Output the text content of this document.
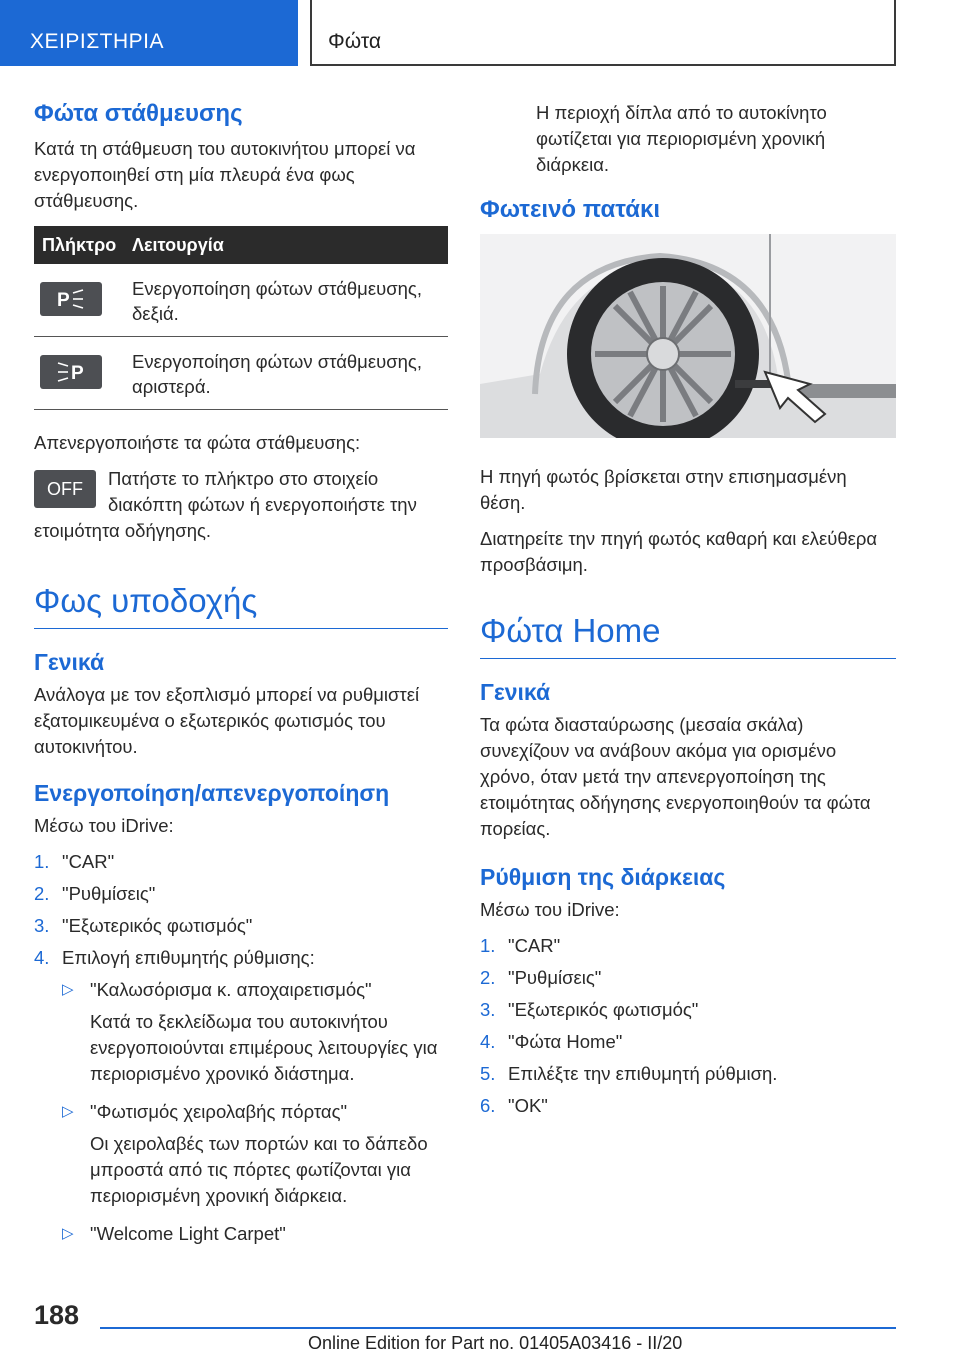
ΧΕΙΡΙΣΤΗΡΙΑ	Φώτα
Φώτα στάθμευσης

Κατά τη στάθμευση του αυτοκινήτου μπορεί να ενεργοποιηθεί στη μία πλευρά ένα φως στάθμευσης.

Πλήκτρο	Λειτουργία

P	Ενεργοποίηση φώτων στάθμευσης, δεξιά.

P	Ενεργοποίηση φώτων στάθμευσης, αριστερά.

Απενεργοποιήστε τα φώτα στάθμευσης:

OFF	Πατήστε το πλήκτρο στο στοιχείο διακόπτη φώτων ή ενεργοποιήστε την ετοιμότητα οδήγησης.

Φως υποδοχής
Γενικά

Ανάλογα με τον εξοπλισμό μπορεί να ρυθμιστεί εξατομικευμένα ο εξωτερικός φωτισμός του αυτοκινήτου.

Ενεργοποίηση/απενεργοποίηση

Μέσω του iDrive:

1. "CAR"
2. "Ρυθμίσεις"
3. "Εξωτερικός φωτισμός"
4. Επιλογή επιθυμητής ρύθμισης:
▷ "Καλωσόρισμα κ. αποχαιρετισμός"
Κατά το ξεκλείδωμα του αυτοκινήτου ενεργοποιούνται επιμέρους λειτουργίες για περιορισμένο χρονικό διάστημα.
▷ "Φωτισμός χειρολαβής πόρτας"
Οι χειρολαβές των πορτών και το δάπεδο μπροστά από τις πόρτες φωτίζονται για περιορισμένη χρονική διάρκεια.
▷ "Welcome Light Carpet"

Η περιοχή δίπλα από το αυτοκίνητο φωτίζεται για περιορισμένη χρονική διάρκεια.

Φωτεινό πατάκι

Η πηγή φωτός βρίσκεται στην επισημασμένη θέση.

Διατηρείτε την πηγή φωτός καθαρή και ελεύθερα προσβάσιμη.

Φώτα Home
Γενικά

Τα φώτα διασταύρωσης (μεσαία σκάλα) συνεχίζουν να ανάβουν ακόμα για ορισμένο χρόνο, όταν μετά την απενεργοποίηση της ετοιμότητας οδήγησης ενεργοποιηθούν τα φώτα πορείας.

Ρύθμιση της διάρκειας

Μέσω του iDrive:

1. "CAR"
2. "Ρυθμίσεις"
3. "Εξωτερικός φωτισμός"
4. "Φώτα Home"
5. Επιλέξτε την επιθυμητή ρύθμιση.
6. "OK"
188
Online Edition for Part no. 01405A03416 - II/20
